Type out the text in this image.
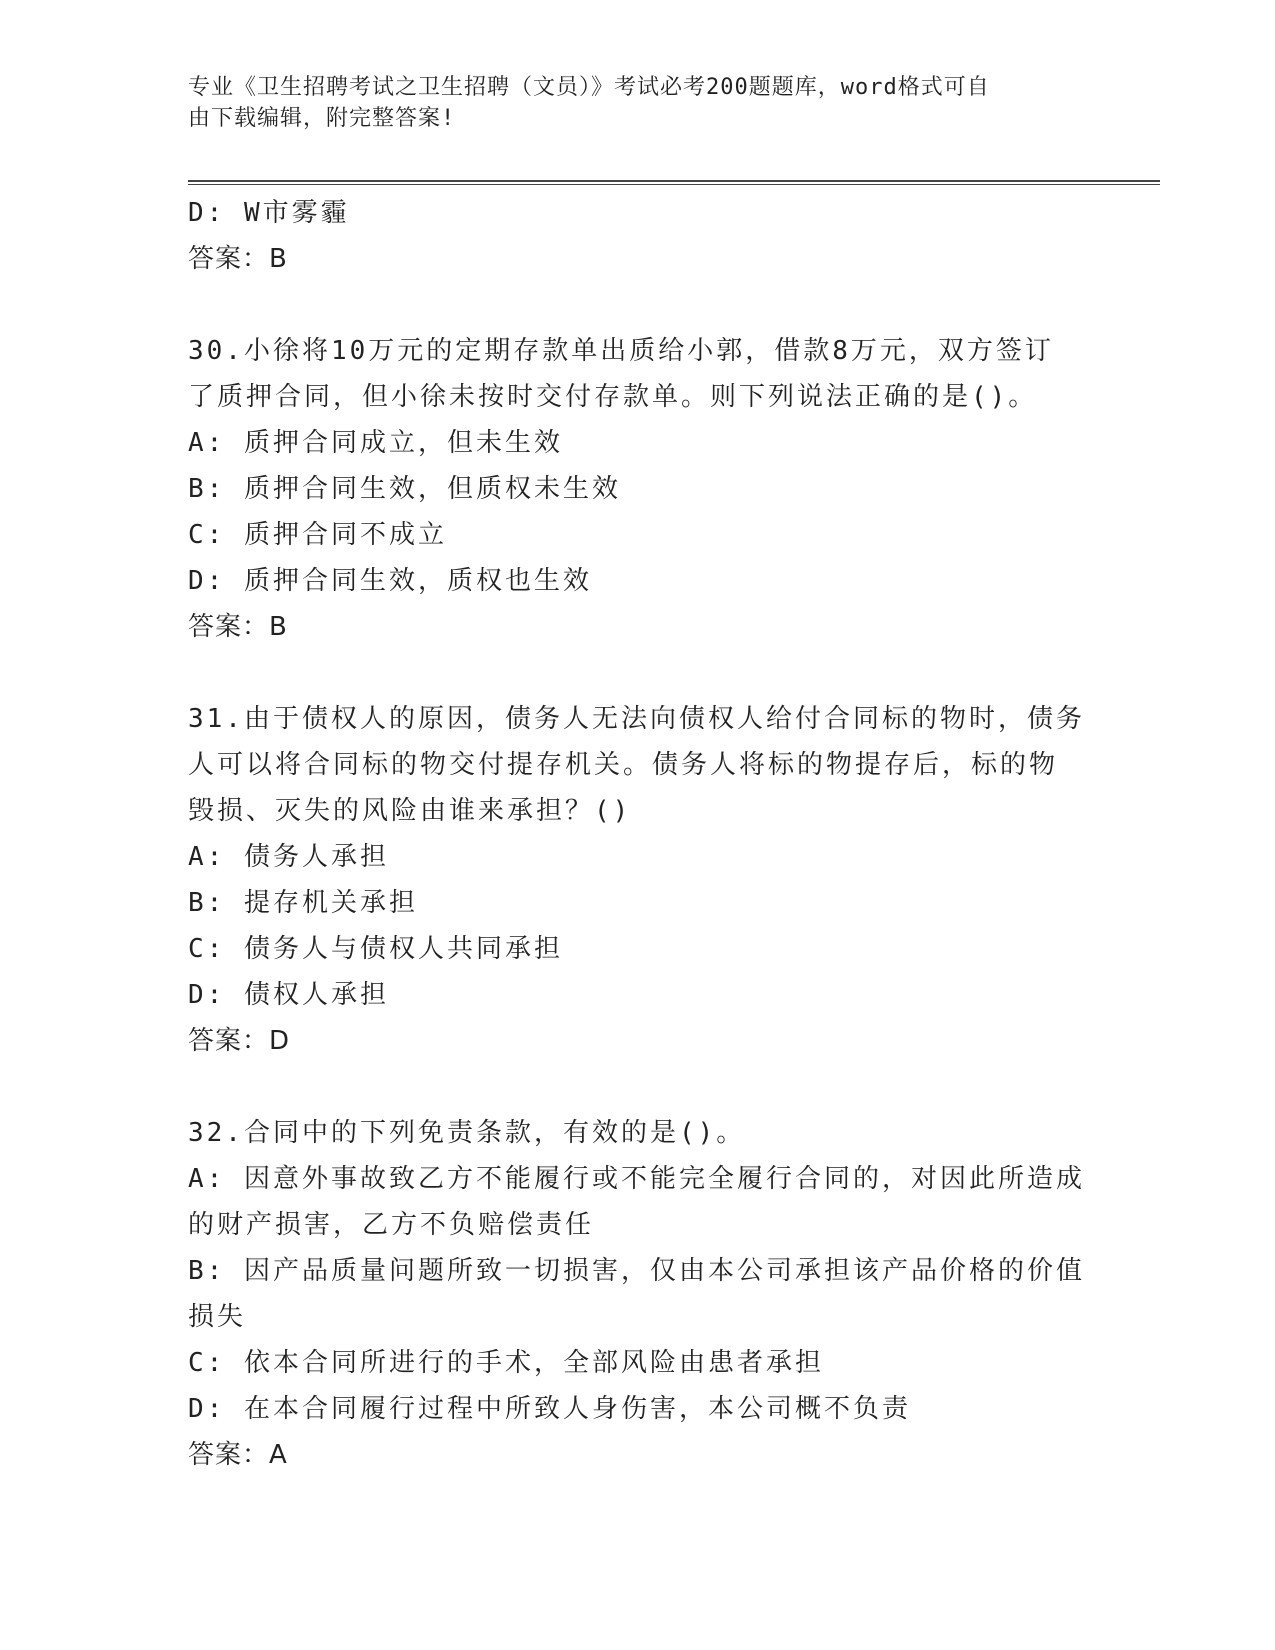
专业《卫生招聘考试之卫生招聘（文员）》考试必考200题题库，word格式可自
由下载编辑，附完整答案!
D: W市雾霾
答案：B
30.小徐将10万元的定期存款单出质给小郭，借款8万元，双方签订
了质押合同，但小徐未按时交付存款单。则下列说法正确的是()。
A: 质押合同成立，但未生效
B: 质押合同生效，但质权未生效
C: 质押合同不成立
D: 质押合同生效，质权也生效
答案：B
31.由于债权人的原因，债务人无法向债权人给付合同标的物时，债务
人可以将合同标的物交付提存机关。债务人将标的物提存后，标的物
毁损、灭失的风险由谁来承担？()
A: 债务人承担
B: 提存机关承担
C: 债务人与债权人共同承担
D: 债权人承担
答案：D
32.合同中的下列免责条款，有效的是()。
A: 因意外事故致乙方不能履行或不能完全履行合同的，对因此所造成
的财产损害，乙方不负赔偿责任
B: 因产品质量问题所致一切损害，仅由本公司承担该产品价格的价值
损失
C: 依本合同所进行的手术，全部风险由患者承担
D: 在本合同履行过程中所致人身伤害，本公司概不负责
答案：A
